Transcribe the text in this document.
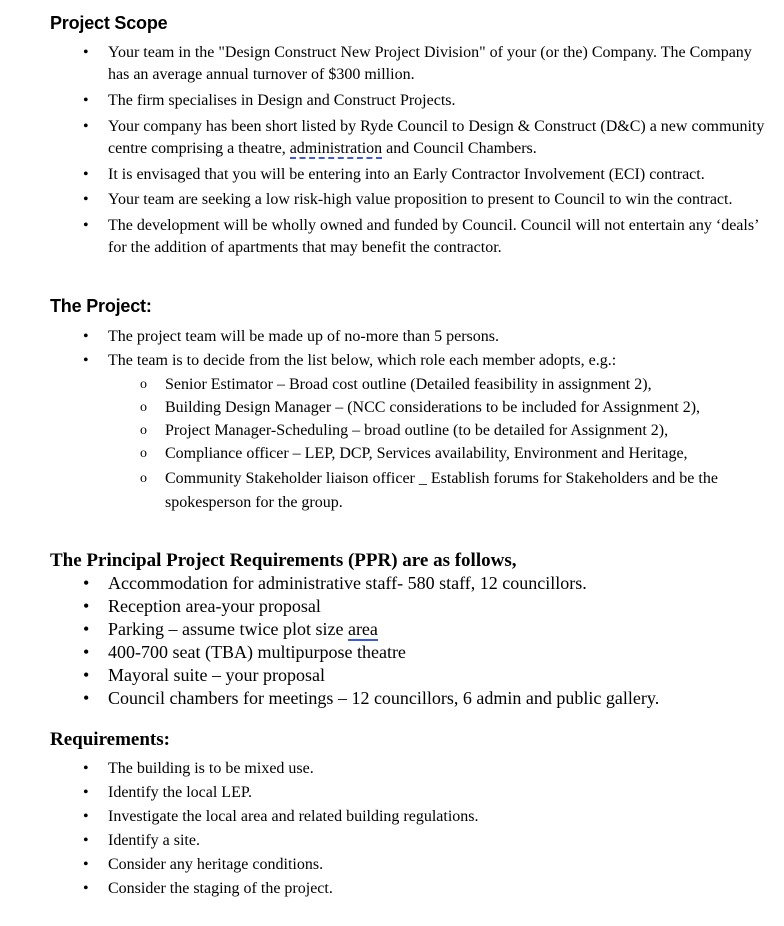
Project Scope
• Your team in the "Design Construct New Project Division" of your (or the) Company. The Company has an average annual turnover of $300 million.
• The firm specialises in Design and Construct Projects.
• Your company has been short listed by Ryde Council to Design & Construct (D&C) a new community centre comprising a theatre, administration and Council Chambers.
• It is envisaged that you will be entering into an Early Contractor Involvement (ECI) contract.
• Your team are seeking a low risk-high value proposition to present to Council to win the contract.
• The development will be wholly owned and funded by Council. Council will not entertain any ‘deals’ for the addition of apartments that may benefit the contractor.
The Project:
• The project team will be made up of no-more than 5 persons.
• The team is to decide from the list below, which role each member adopts, e.g.:
o Senior Estimator – Broad cost outline (Detailed feasibility in assignment 2),
o Building Design Manager – (NCC considerations to be included for Assignment 2),
o Project Manager-Scheduling – broad outline (to be detailed for Assignment 2),
o Compliance officer – LEP, DCP, Services availability, Environment and Heritage,
o Community Stakeholder liaison officer _ Establish forums for Stakeholders and be the spokesperson for the group.
The Principal Project Requirements (PPR) are as follows,
• Accommodation for administrative staff- 580 staff, 12 councillors.
• Reception area-your proposal
• Parking – assume twice plot size area
• 400-700 seat (TBA) multipurpose theatre
• Mayoral suite – your proposal
• Council chambers for meetings – 12 councillors, 6 admin and public gallery.
Requirements:
• The building is to be mixed use.
• Identify the local LEP.
• Investigate the local area and related building regulations.
• Identify a site.
• Consider any heritage conditions.
• Consider the staging of the project.
